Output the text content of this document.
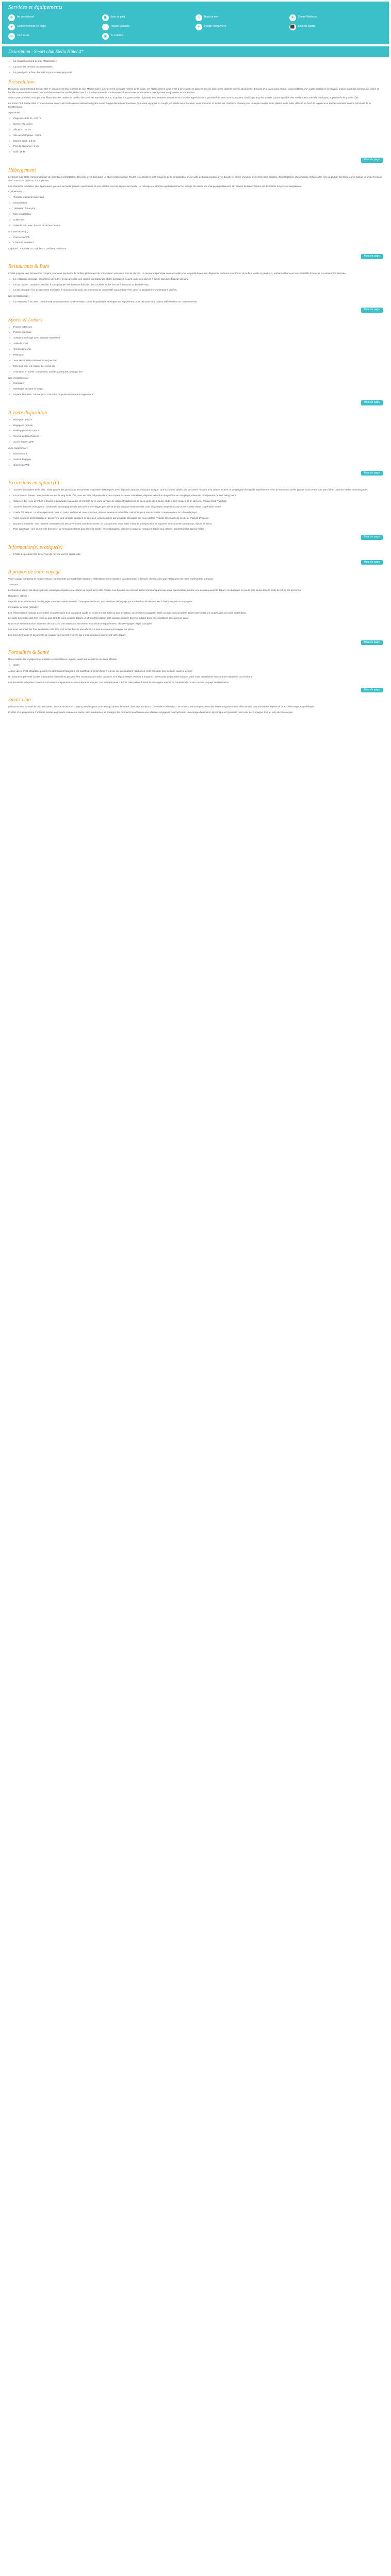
Services et équipements
❄	Air conditionné	☗	Bain de pied	∿	Bord de mer	❀	Centre Wellness
♥	Centre wellness en home	≈	Piscine couverte	☀	Piscine découverte	⬛	Salle de sports
∞	Tout inclus	▣	Tv satellite
Description - Smart club Stella Hôtel 4*
● La situation en bord de mer Méditerranée
● La proximité de sites incontournables
● Le grand parc et bien des loisirs qui vous sont proposés
Présentation

Bienvenue au Smart Club Stella Hotel 4*, idéalement situé en bord de mer Méditerranée, à seulement quelques mètres de la plage, cet établissement vous invite à des vacances placées sous le signe de la détente et de la découverte. Entouré d'un vaste parc arboré, vous profiterez d'un cadre paisible et verdoyant, propice au repos comme aux loisirs en famille ou entre amis. Pensé pour satisfaire toutes les envies, l'hôtel met à votre disposition de nombreuses infrastructures et animations pour rythmer vos journées et vos soirées.

À deux pas de l'hôtel, vous pourrez flâner dans les ruelles de la ville, découvrir les marchés locaux, et goûter à la gastronomie régionale. Les amateurs de culture et d'histoire apprécieront la proximité de sites incontournables, tandis que les plus sportifs pourront profiter des nombreuses activités nautiques proposées le long de la côte.

Le Smart Club Stella Hotel 4* vous réserve un accueil chaleureux et attentionné grâce à une équipe dévouée et souriante. Que vous voyagiez en couple, en famille ou entre amis, vous trouverez ici toutes les conditions réunies pour un séjour réussi, entre plaisirs de la table, détente au bord de la piscine et soirées animées sous le ciel étoilé de la Méditerranée.

A proximité :

● Plage de sable fin : 100 m
● Centre-ville : 2 km
● Aéroport : 25 km
● Site archéologique : 10 km
● Marché local : 1,5 km
● Port de plaisance : 3 km
● Golf : 15 km
Haut de page
Hébergement

Le Smart club Stella Hotel 4* dispose de chambres confortables, décorées avec goût dans un style méditerranéen. Toutes les chambres sont équipées de la climatisation, d'une salle de bains privative avec douche et sèche-cheveux, d'une télévision satellite, d'un téléphone, d'un minibar et d'un coffre-fort. La plupart bénéficient d'un balcon ou d'une terrasse avec vue sur le jardin ou sur la piscine.

Les chambres familiales, plus spacieuses, peuvent accueillir jusqu'à 4 personnes et sont idéales pour les séjours en famille. Le ménage est effectué quotidiennement et le linge de toilette est changé régulièrement. Un service de blanchisserie est disponible moyennant supplément.

Equipements :

● Terrasse ou balcon aménagé
● Climatisation
● Télévision écran plat
● Mini réfrigérateur
● Coffre-fort
● Salle de bain avec douche et sèche-cheveux

Nos prestations (1) :

● Connexion Wifi
● Chambre Standard

Capacité : 2 adultes ou 2 adultes + 2 enfants maximum.

Haut de page
Restaurants & Bars

L'hôtel propose une formule tout compris pour vous permettre de profiter pleinement de votre séjour sans vous soucier de rien. Le restaurant principal vous accueille pour les petits-déjeuners, déjeuners et dîners sous forme de buffets variés et généreux, mettant à l'honneur les spécialités locales et la cuisine internationale.

● Le restaurant principal : sous forme de buffet, il vous propose une cuisine internationale et des spécialités locales, avec des soirées à thème plusieurs fois par semaine.
● Le bar piscine : ouvert en journée, il vous propose des boissons fraîches, des cocktails et des en-cas à savourer au bord de l'eau.
● Le bar principal : lieu de rencontre en soirée, il vous accueille pour des moments de convivialité autour d'un verre, avec un programme d'animations variées.

Nos prestations (2) :

● Le restaurant à la carte : une formule de restauration sur réservation, selon disponibilités et moyennant supplément, pour découvrir une cuisine raffinée dans un cadre intimiste.
Haut de page
Sports & Loisirs
● Piscine extérieure
● Piscine intérieure
● Solarium aménagé avec transats et parasols
● Salle de sport
● Terrain de tennis
● Pétanque
● Jeux de société et animations en journée
● Mini-club pour les enfants de 4 à 12 ans
● Animation en soirée : spectacles, soirées dansantes, musique live

Nos prestations (3) :

● Hammam
● Massages et soins du corps
● Espace bien-être : sauna, jacuzzi et soins proposés moyennant supplément
Haut de page
A votre disposition
● Réception 24h/24
● Bagagerie gratuite
● Parking gratuit sur place
● Service de blanchisserie
● Accès internet WiFi

Avec supplément :

● Blanchisserie
● Service bagages
● Connexion Wifi
Haut de page
Excursions en option (€)
● Journée découverte de la ville : visite guidée des principaux monuments et quartiers historiques, avec déjeuner dans un restaurant typique. Une excursion idéale pour découvrir l'histoire et la culture locales en compagnie d'un guide expérimenté, avec de nombreux arrêts photos et du temps libre pour flâner dans les ruelles commerçantes.
● Excursion en bateau : une journée en mer le long de la côte, avec escales baignade dans des criques aux eaux cristallines, déjeuner à bord et temps libre sur une plage préservée. Équipement de snorkeling fourni.
● Safari en 4x4 : une aventure à travers les paysages sauvages de l'arrière-pays, avec la visite de villages traditionnels, la découverte de la faune et de la flore locales, et un déjeuner typique chez l'habitant.
● Journée dans les montagnes : randonnée accompagnée à la découverte de villages perchés et de panoramas exceptionnels, avec dégustation de produits du terroir et visite d'une coopérative locale.
● Soirée folklorique : un dîner-spectacle dans un cadre traditionnel, avec musique, danses locales et spécialités culinaires, pour une immersion complète dans la culture du pays.
● Visite des sites archéologiques : découverte des vestiges antiques de la région, accompagnée par un guide spécialisé qui vous contera l'histoire fascinante de ces lieux chargés d'histoire.
● Bazars et marchés : une matinée consacrée à la découverte des marchés colorés, où vous pourrez vous initier à l'art de la négociation et rapporter des souvenirs artisanaux, épices et tissus.
● Parc aquatique : une journée de détente et de sensations fortes pour toute la famille, avec toboggans, piscines à vagues et espaces dédiés aux enfants, transfert inclus depuis l'hôtel.
Haut de page
Information(s) pratique(s)
● L'hôtel ne propose pas de service de navette vers le centre-ville.
Haut de page
A propos de votre voyage

Votre voyage comprend le vol aller-retour, les transferts aéroport-hôtel-aéroport, l'hébergement en chambre standard selon la formule choisie, ainsi que l'assistance de notre représentant sur place.

Transport :

Le transport aérien est assuré par une compagnie régulière ou charter au départ de la ville choisie. Les horaires de vol vous seront communiqués avec votre convocation, environ une semaine avant le départ. Les bagages en soute sont inclus dans la limite de 20 kg par personne.

Bagages / options :

Le poids et les dimensions des bagages autorisés varient selon la compagnie aérienne. Tout excédent de bagage pourra être facturé directement à l'aéroport par la compagnie.

Formalités et santé (détails) :

Les ressortissants français doivent être en possession d'un passeport valide au moins 6 mois après la date de retour. Les mineurs voyageant seuls ou avec un seul parent doivent présenter une autorisation de sortie du territoire.

Le solde du voyage doit être réglé au plus tard 30 jours avant le départ. Les frais d'annulation sont calculés selon le barème indiqué dans nos conditions générales de vente.

Nous vous recommandons vivement de souscrire une assurance annulation et assistance rapatriement, afin de voyager l'esprit tranquille.

Les taxes aéroport, les frais de dossier et la TVA sont inclus dans le prix affiché. La taxe de séjour est à régler sur place.

Les bons d'échange et documents de voyage vous seront envoyés par e-mail quelques jours avant votre départ.

Haut de page
Formalités & Santé

Nous invitons les voyageurs à consulter les formalités en vigueur avant leur départ sur les sites officiels.

● Santé

Aucun vaccin n'est obligatoire pour les ressortissants français. Il est toutefois conseillé d'être à jour de ses vaccinations habituelles et de consulter son médecin avant le départ.

Un traitement préventif ou des précautions particulières peuvent être recommandés selon la saison et la région visitée. Pensez à emporter une trousse de premiers soins et votre carte européenne d'assurance maladie le cas échéant.

Les formalités indiquées ci-dessus concernent uniquement les ressortissants français. Les ressortissants d'autres nationalités doivent se renseigner auprès de l'ambassade ou du consulat du pays de destination.

Haut de page
Smart club

Découvrez une formule de club innovante : des vacances tout compris pensées pour tous ceux qui aiment la liberté, dans une ambiance conviviale et détendue. Les Smart Club vous proposent des hôtels soigneusement sélectionnés, des animations légères et un excellent rapport qualité-prix.

Profitez d'un programme d'activités variées en journée comme en soirée, sans contraintes, et partagez des moments inoubliables avec d'autres voyageurs francophones. Une équipe d'animation dynamique est présente pour vous accompagner tout au long de votre séjour.
